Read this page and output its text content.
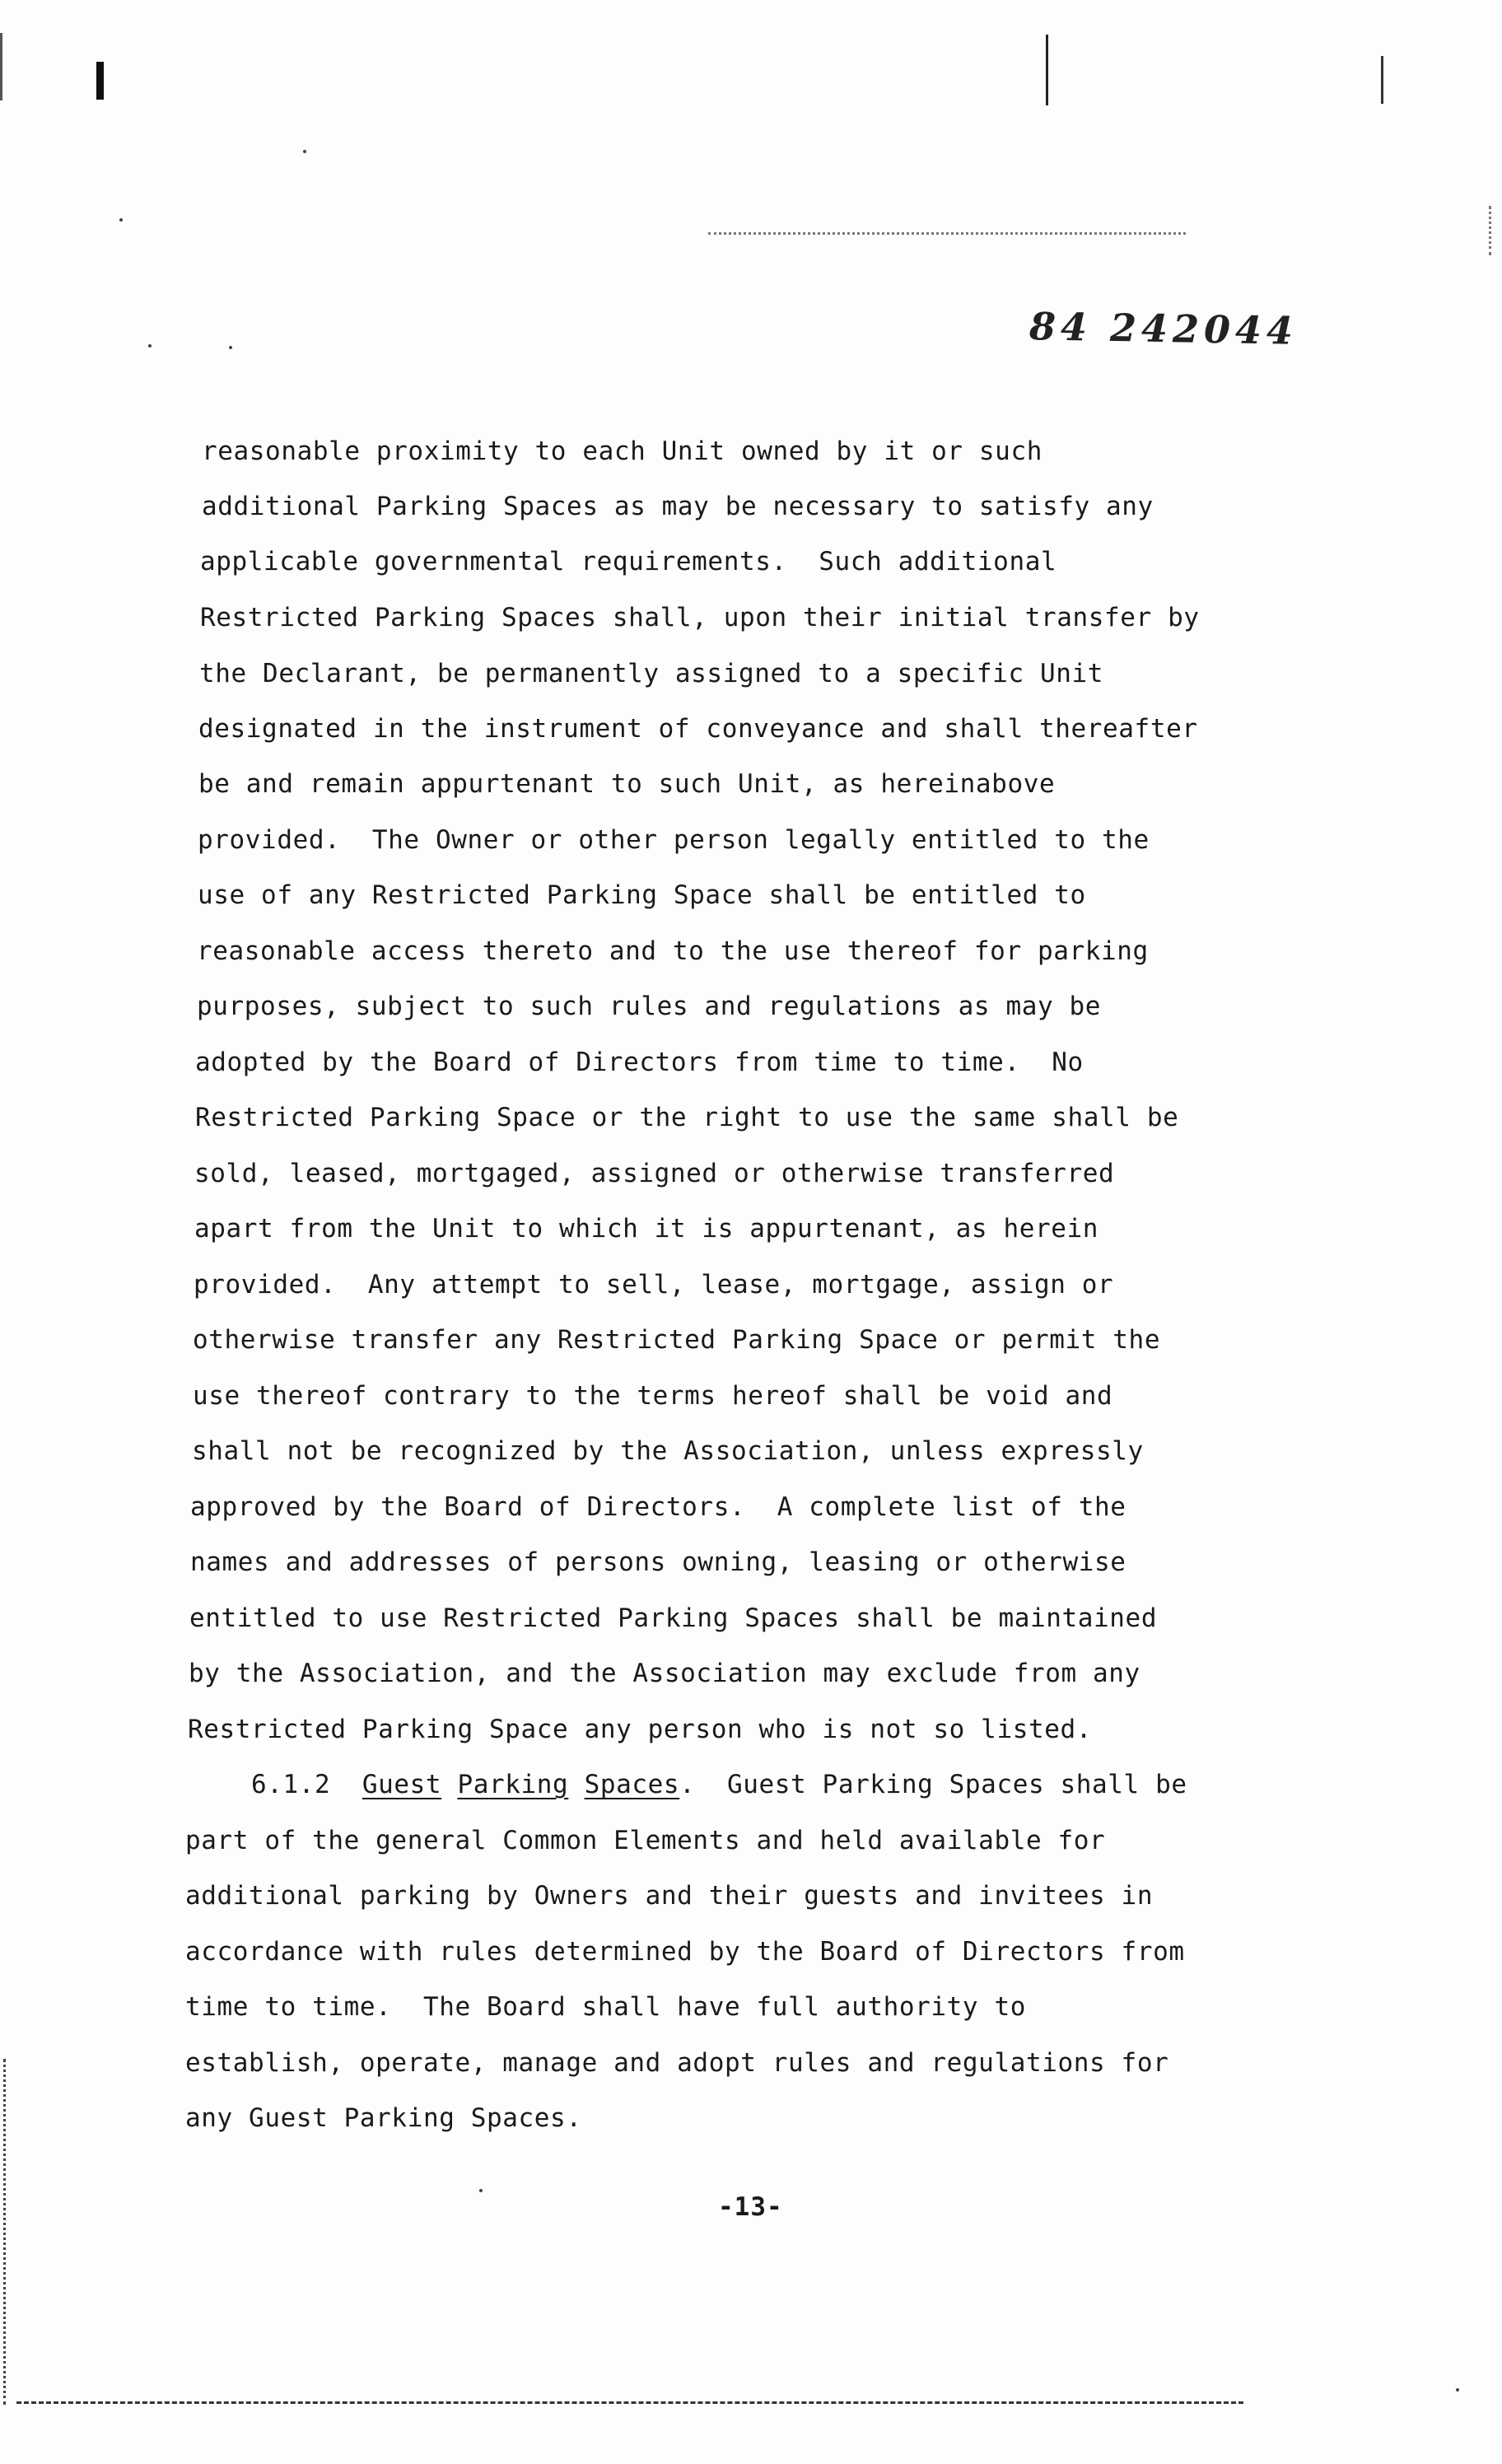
84 242044
reasonable proximity to each Unit owned by it or such
additional Parking Spaces as may be necessary to satisfy any
applicable governmental requirements.  Such additional
Restricted Parking Spaces shall, upon their initial transfer by
the Declarant, be permanently assigned to a specific Unit
designated in the instrument of conveyance and shall thereafter
be and remain appurtenant to such Unit, as hereinabove
provided.  The Owner or other person legally entitled to the
use of any Restricted Parking Space shall be entitled to
reasonable access thereto and to the use thereof for parking
purposes, subject to such rules and regulations as may be
adopted by the Board of Directors from time to time.  No
Restricted Parking Space or the right to use the same shall be
sold, leased, mortgaged, assigned or otherwise transferred
apart from the Unit to which it is appurtenant, as herein
provided.  Any attempt to sell, lease, mortgage, assign or
otherwise transfer any Restricted Parking Space or permit the
use thereof contrary to the terms hereof shall be void and
shall not be recognized by the Association, unless expressly
approved by the Board of Directors.  A complete list of the
names and addresses of persons owning, leasing or otherwise
entitled to use Restricted Parking Spaces shall be maintained
by the Association, and the Association may exclude from any
Restricted Parking Space any person who is not so listed.
6.1.2 Guest Parking Spaces. Guest Parking Spaces shall be
part of the general Common Elements and held available for
additional parking by Owners and their guests and invitees in
accordance with rules determined by the Board of Directors from
time to time.  The Board shall have full authority to
establish, operate, manage and adopt rules and regulations for
any Guest Parking Spaces.
-13-
